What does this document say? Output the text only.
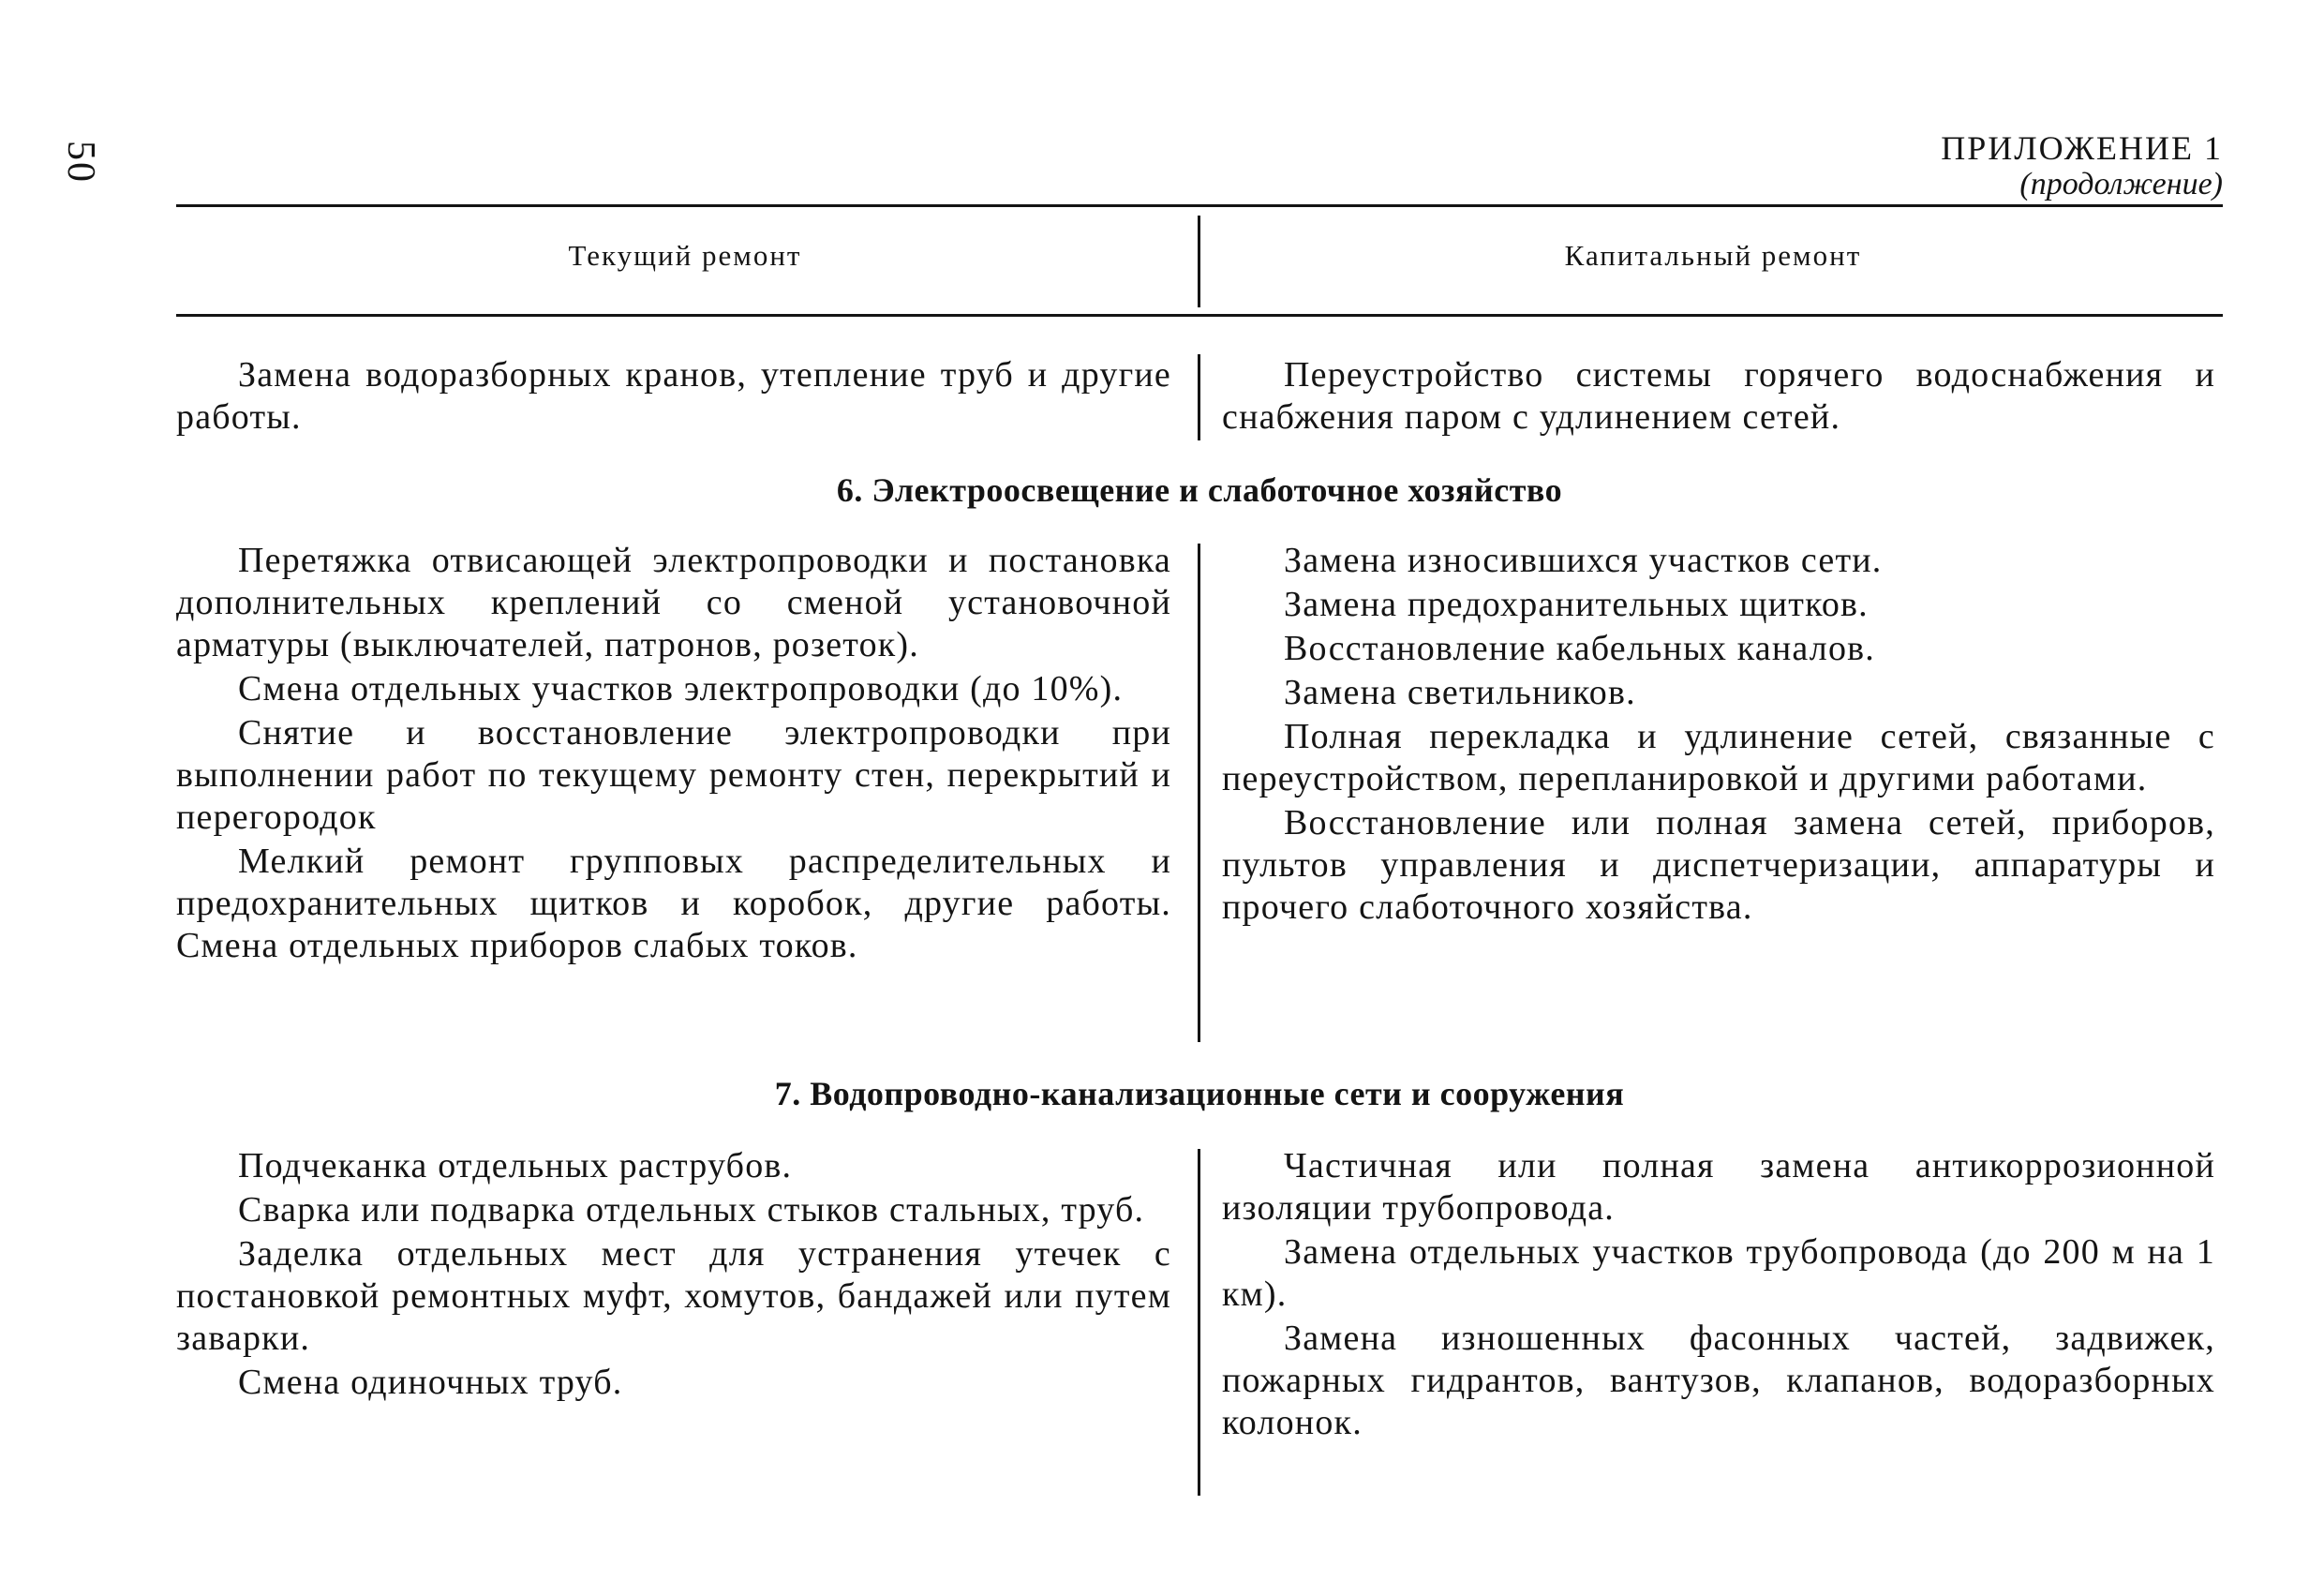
50	ПРИЛОЖЕНИЕ 1
(продолжение)
Текущий ремонт	Капитальный ремонт

Замена водоразборных кранов, утепление труб и другие работы.

Переустройство системы горячего водоснабжения и снабжения паром с удлинением сетей.

6. Электроосвещение и слаботочное хозяйство

Перетяжка отвисающей электропроводки и постановка дополнительных креплений со сменой установочной арматуры (выключателей, патронов, розеток).

Смена отдельных участков электропроводки (до 10%).

Снятие и восстановление электропроводки при выполнении работ по текущему ремонту стен, перекрытий и перегородок

Мелкий ремонт групповых распределительных и предохранительных щитков и коробок, другие работы. Смена отдельных приборов слабых токов.

Замена износившихся участков сети.

Замена предохранительных щитков.

Восстановление кабельных каналов.

Замена светильников.

Полная перекладка и удлинение сетей, связанные с переустройством, перепланировкой и другими работами.

Восстановление или полная замена сетей, приборов, пультов управления и диспетчеризации, аппаратуры и прочего слаботочного хозяйства.

7. Водопроводно-канализационные сети и сооружения

Подчеканка отдельных раструбов.

Сварка или подварка отдельных стыков стальных, труб.

Заделка отдельных мест для устранения утечек с постановкой ремонтных муфт, хомутов, бандажей или путем заварки.

Смена одиночных труб.

Частичная или полная замена антикоррозионной изоляции трубопровода.

Замена отдельных участков трубопровода (до 200 м на 1 км).

Замена изношенных фасонных частей, задвижек, пожарных гидрантов, вантузов, клапанов, водоразборных колонок.
